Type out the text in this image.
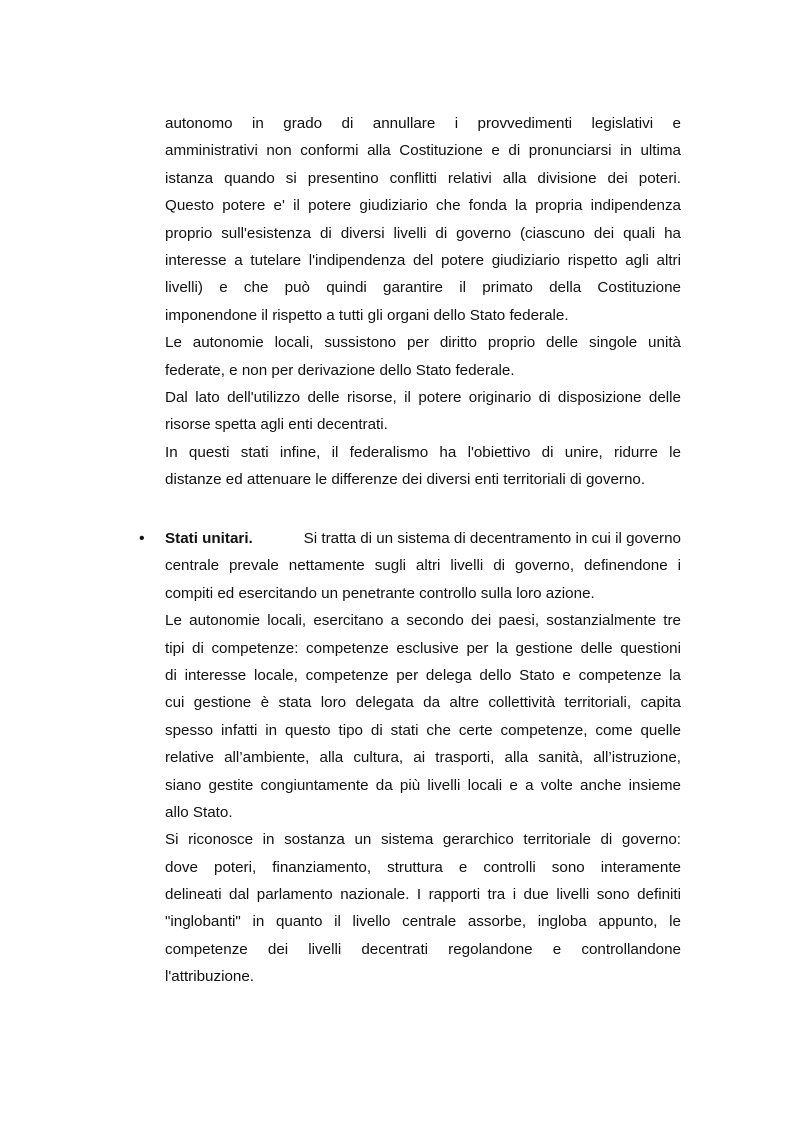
autonomo in grado di annullare i provvedimenti legislativi e
amministrativi non conformi alla Costituzione e di pronunciarsi in ultima
istanza quando si presentino conflitti relativi alla divisione dei poteri.
Questo potere e' il potere giudiziario che fonda la propria indipendenza
proprio sull'esistenza di diversi livelli di governo (ciascuno dei quali ha
interesse a tutelare l'indipendenza del potere giudiziario rispetto agli altri
livelli) e che può quindi garantire il primato della Costituzione
imponendone il rispetto a tutti gli organi dello Stato federale.
Le autonomie locali, sussistono per diritto proprio delle singole unità
federate, e non per derivazione dello Stato federale.
Dal lato dell'utilizzo delle risorse, il potere originario di disposizione delle
risorse spetta agli enti decentrati.
In questi stati infine, il federalismo ha l'obiettivo di unire, ridurre le
distanze ed attenuare le differenze dei diversi enti territoriali di governo.
• Stati unitari.	Si tratta di un sistema di decentramento in cui il governo
centrale prevale nettamente sugli altri livelli di governo, definendone i
compiti ed esercitando un penetrante controllo sulla loro azione.
Le autonomie locali, esercitano a secondo dei paesi, sostanzialmente tre
tipi di competenze: competenze esclusive per la gestione delle questioni
di interesse locale, competenze per delega dello Stato e competenze la
cui gestione è stata loro delegata da altre collettività territoriali, capita
spesso infatti in questo tipo di stati che certe competenze, come quelle
relative all’ambiente, alla cultura, ai trasporti, alla sanità, all’istruzione,
siano gestite congiuntamente da più livelli locali e a volte anche insieme
allo Stato.
Si riconosce in sostanza un sistema gerarchico territoriale di governo:
dove poteri, finanziamento, struttura e controlli sono interamente
delineati dal parlamento nazionale. I rapporti tra i due livelli sono definiti
"inglobanti" in quanto il livello centrale assorbe, ingloba appunto, le
competenze dei livelli decentrati regolandone e controllandone
l'attribuzione.
